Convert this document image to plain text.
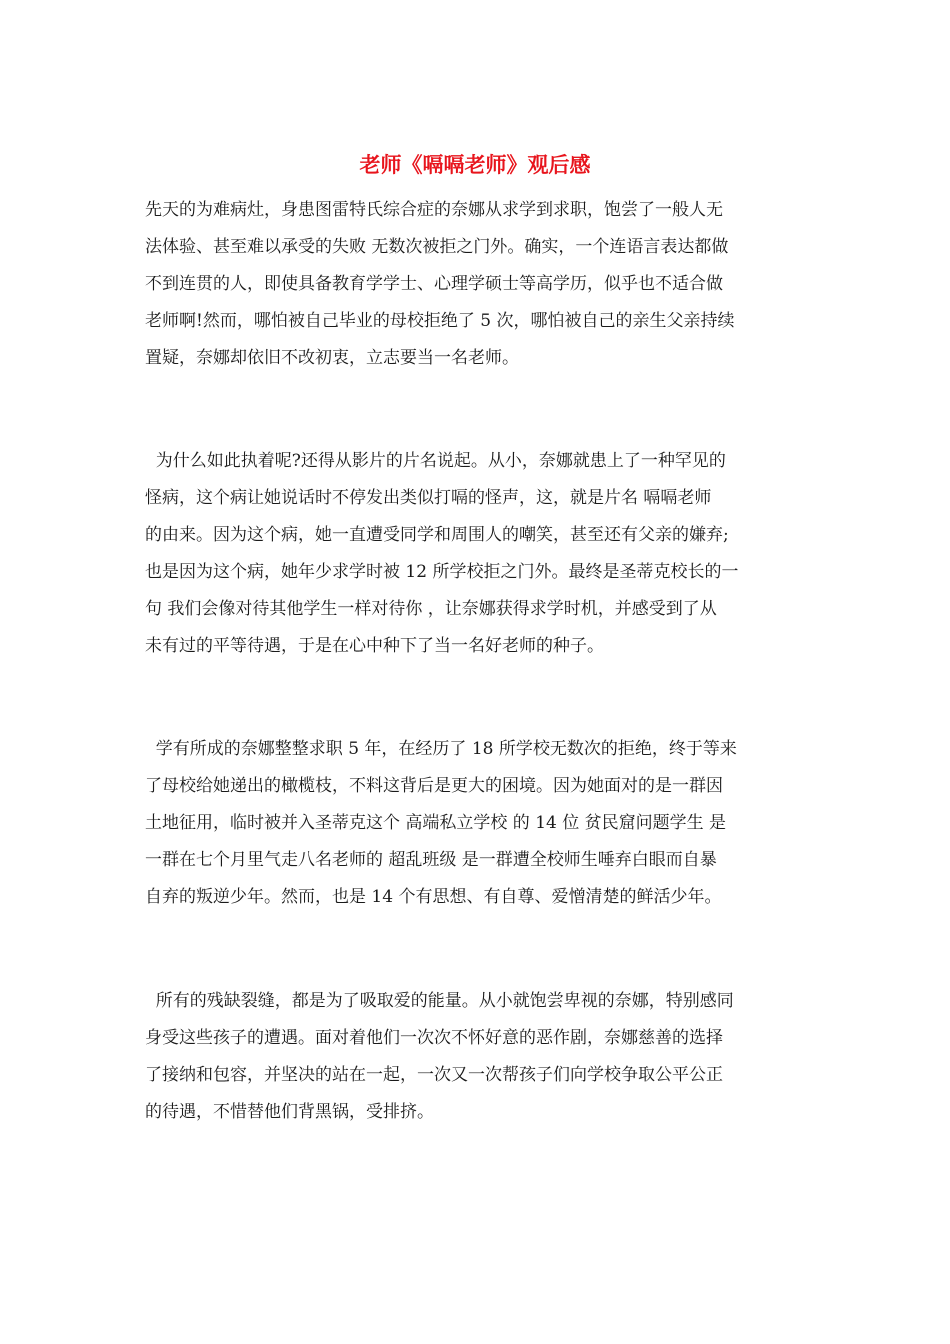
老师《嗝嗝老师》观后感
先天的为难病灶，身患图雷特氏综合症的奈娜从求学到求职，饱尝了一般人无
法体验、甚至难以承受的失败 无数次被拒之门外。确实，一个连语言表达都做
不到连贯的人，即使具备教育学学士、心理学硕士等高学历，似乎也不适合做
老师啊!然而，哪怕被自己毕业的母校拒绝了 5 次，哪怕被自己的亲生父亲持续
置疑，奈娜却依旧不改初衷，立志要当一名老师。
为什么如此执着呢?还得从影片的片名说起。从小，奈娜就患上了一种罕见的
怪病，这个病让她说话时不停发出类似打嗝的怪声，这，就是片名 嗝嗝老师
的由来。因为这个病，她一直遭受同学和周围人的嘲笑，甚至还有父亲的嫌弃;
也是因为这个病，她年少求学时被 12 所学校拒之门外。最终是圣蒂克校长的一
句 我们会像对待其他学生一样对待你 ，让奈娜获得求学时机，并感受到了从
未有过的平等待遇，于是在心中种下了当一名好老师的种子。
学有所成的奈娜整整求职 5 年，在经历了 18 所学校无数次的拒绝，终于等来
了母校给她递出的橄榄枝，不料这背后是更大的困境。因为她面对的是一群因
土地征用，临时被并入圣蒂克这个 高端私立学校 的 14 位 贫民窟问题学生 是
一群在七个月里气走八名老师的 超乱班级 是一群遭全校师生唾弃白眼而自暴
自弃的叛逆少年。然而，也是 14 个有思想、有自尊、爱憎清楚的鲜活少年。
所有的残缺裂缝，都是为了吸取爱的能量。从小就饱尝卑视的奈娜，特别感同
身受这些孩子的遭遇。面对着他们一次次不怀好意的恶作剧，奈娜慈善的选择
了接纳和包容，并坚决的站在一起，一次又一次帮孩子们向学校争取公平公正
的待遇，不惜替他们背黑锅，受排挤。
